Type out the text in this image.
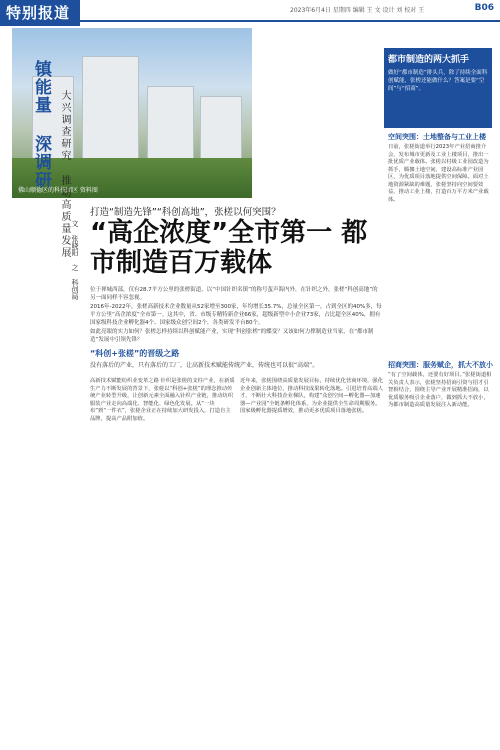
特别报道	2023年6月4日 星期四 编辑 王 文 设计 刘 校对 王	B06
佛山顺德区的科技园区 资料图
镇能量 深调研 大兴调查研究 推动高质量发展
文 张晓阳 之 科创局
打造“制造先锋”“科创高地”，张槎以何突围？
“高企浓度”全市第一 都市制造百万载体

位于禅城西部，仅有28.7平方公里的张槎街道，以“中国针织名镇”的称号蜚声海内外，在针织之外，张槎“科创高地”的另一面同样不容忽视。

2016年-2022年，张槎高新技术企业数量从52家增至300家，年均增长35.7%，总量全区第一，占到全区的40%多，每平方公里“高企浓度”全市第一。这其中，省、市级专精特新企业66家，超级新型中小企业73家，占比超全区40%，拥有国家级科技企业孵化器4个、国家级众创空间2个，各类研发平台80个。

如此亮眼的实力如何？张槎怎样持续以科创赋能产业，实现“科创张槎”的蝶变？又该如何力撑制造业当家，在“都市制造”发展中引领先锋？

“科创+张槎”的晋级之路
没有落后的产业，只有落后的工厂，让高新技术赋能传统产业，传统也可以很“高端”。
高新技术赋能纺织业变革之路 针织是张槎的支柱产业，在新质生产力不断发展的背景下，张槎以“科创+张槎”的理念推动传统产业转型升级，让创新元素全面融入针织产业链，推动纺织服装产业走向高端化、智能化、绿色化发展。从“一块布”到“一件衣”，张槎企业正在持续加大研发投入，打造自主品牌，提高产品附加值。
近年来，张槎围绕高质量发展目标，持续优化营商环境，强化企业创新主体地位，推动科技成果转化落地。引进培育高端人才，不断壮大科技企业梯队，构建“众创空间—孵化器—加速器—产业园”全链条孵化体系，为企业提供全生命周期服务。国家级孵化器提质增效，推动更多优质项目落地张槎。
都市制造的两大抓手
做好“都市制造”排头兵，除了持续全面科创赋能，张槎还能做什么？答案是要“空间”与“招商”。
空间突围：土地整备与工业上楼
日前，张槎街道举行2023年产业招商推介会，发布城市更新及工业上楼项目，推出一批优质产业载体。张槎以村级工业园改造为抓手，腾挪土地空间，建设高标准产业园区，为优质项目落地提供空间保障。面对土地资源紧缺的难题，张槎坚持向空间要效益，推动工业上楼，打造百万平方米产业载体。
招商突围：服务赋企，抓大不放小
“有了空间载体，还要有好项目。”张槎街道相关负责人表示，张槎坚持招商引资与招才引智相结合，围绕主导产业开展精准招商，以优质服务吸引企业落户，做到抓大不放小，为都市制造高质量发展注入新动能。
